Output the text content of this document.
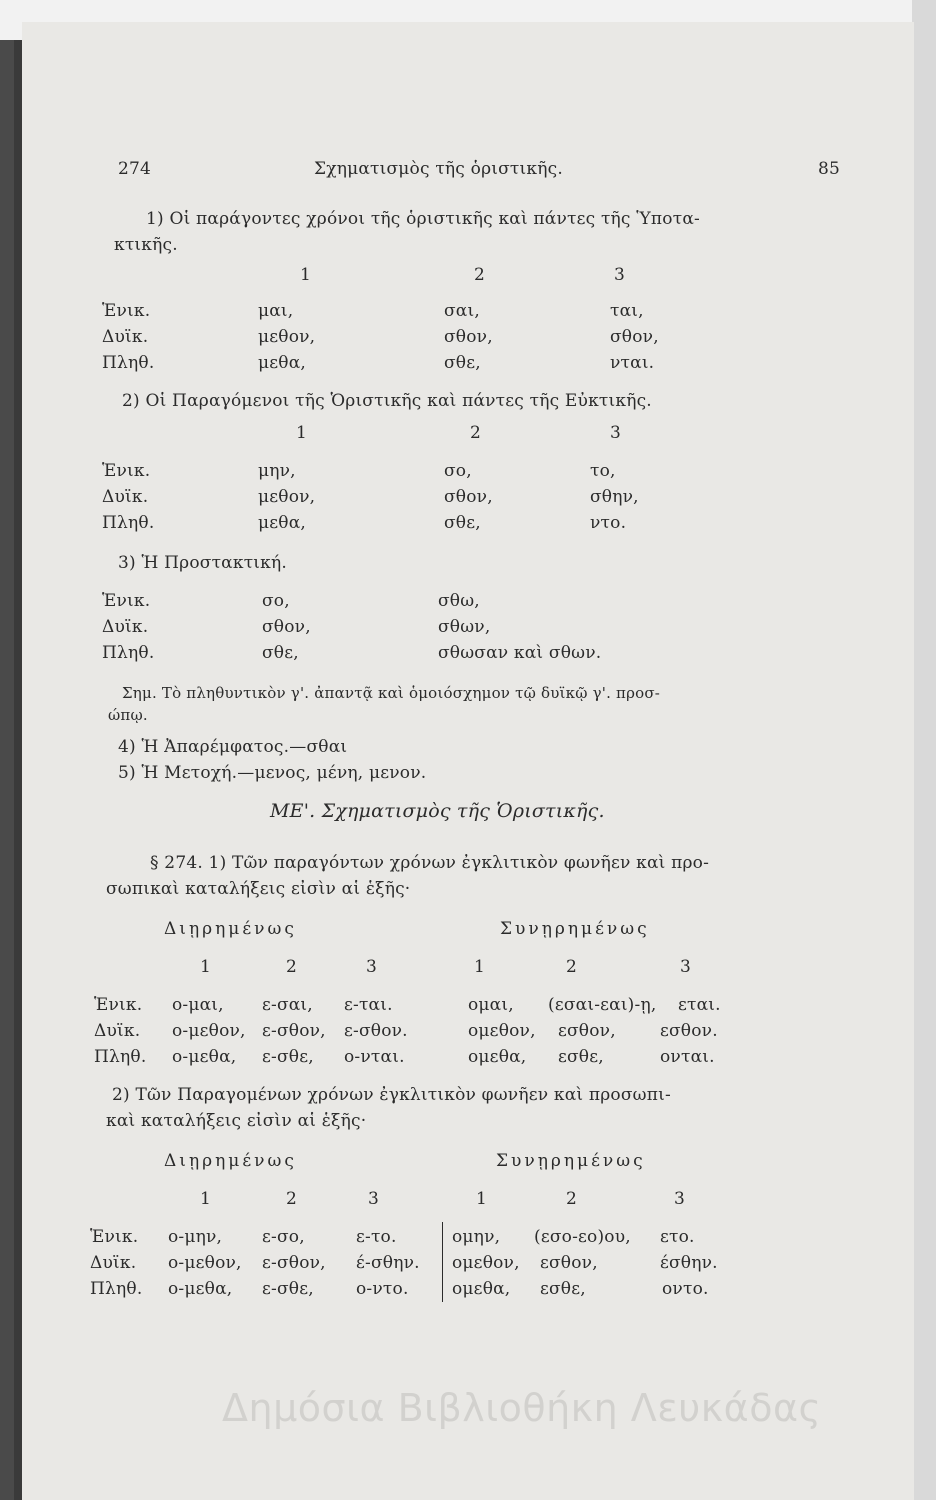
274	Σχηματισμὸς τῆς ὁριστικῆς.	85
1) Οἱ παράγοντες χρόνοι τῆς ὁριστικῆς καὶ πάντες τῆς Ὑποτα-
κτικῆς.
1	2	3
Ἑνικ.	μαι,	σαι,	ται,
Δυϊκ.	μεθον,	σθον,	σθον,
Πληθ.	μεθα,	σθε,	νται.
2) Οἱ Παραγόμενοι τῆς Ὁριστικῆς καὶ πάντες τῆς Εὐκτικῆς.
1	2	3
Ἑνικ.	μην,	σο,	το,
Δυϊκ.	μεθον,	σθον,	σθην,
Πληθ.	μεθα,	σθε,	ντο.
3) Ἡ Προστακτική.
Ἑνικ.	σο,	σθω,
Δυϊκ.	σθον,	σθων,
Πληθ.	σθε,	σθωσαν καὶ σθων.
Σημ. Τὸ πληθυντικὸν γ'. ἀπαντᾷ καὶ ὁμοιόσχημον τῷ δυϊκῷ γ'. προσ-
ώπῳ.
4) Ἡ Ἀπαρέμφατος.—σθαι
5) Ἡ Μετοχή.—μενος, μένη, μενον.
ΜΕ'. Σχηματισμὸς τῆς Ὁριστικῆς.
§ 274. 1) Τῶν παραγόντων χρόνων ἐγκλιτικὸν φωνῆεν καὶ προ-
σωπικαὶ καταλήξεις εἰσὶν αἱ ἑξῆς·
Διῃρημένως	Συνῃρημένως
1	2	3	1	2	3
Ἑνικ. ο-μαι, ε-σαι, ε-ται.	ομαι, (εσαι-εαι)-ῃ, εται.
Δυϊκ. ο-μεθον, ε-σθον, ε-σθον.	ομεθον, εσθον,	εσθον.
Πληθ. ο-μεθα, ε-σθε, ο-νται.	ομεθα, εσθε,	ονται.
2) Τῶν Παραγομένων χρόνων ἐγκλιτικὸν φωνῆεν καὶ προσωπι-
καὶ καταλήξεις εἰσὶν αἱ ἑξῆς·
Διῃρημένως	Συνῃρημένως
1	2	3	1	2	3
Ἑνικ. ο-μην, ε-σο,	ε-το.	ομην, (εσο-εο)ου, ετο.
Δυϊκ. ο-μεθον, ε-σθον, έ-σθην. ομεθον, εσθον,	έσθην.
Πληθ. ο-μεθα, ε-σθε, ο-ντο.	ομεθα, εσθε,	οντο.
Δημόσια Βιβλιοθήκη Λευκάδας
